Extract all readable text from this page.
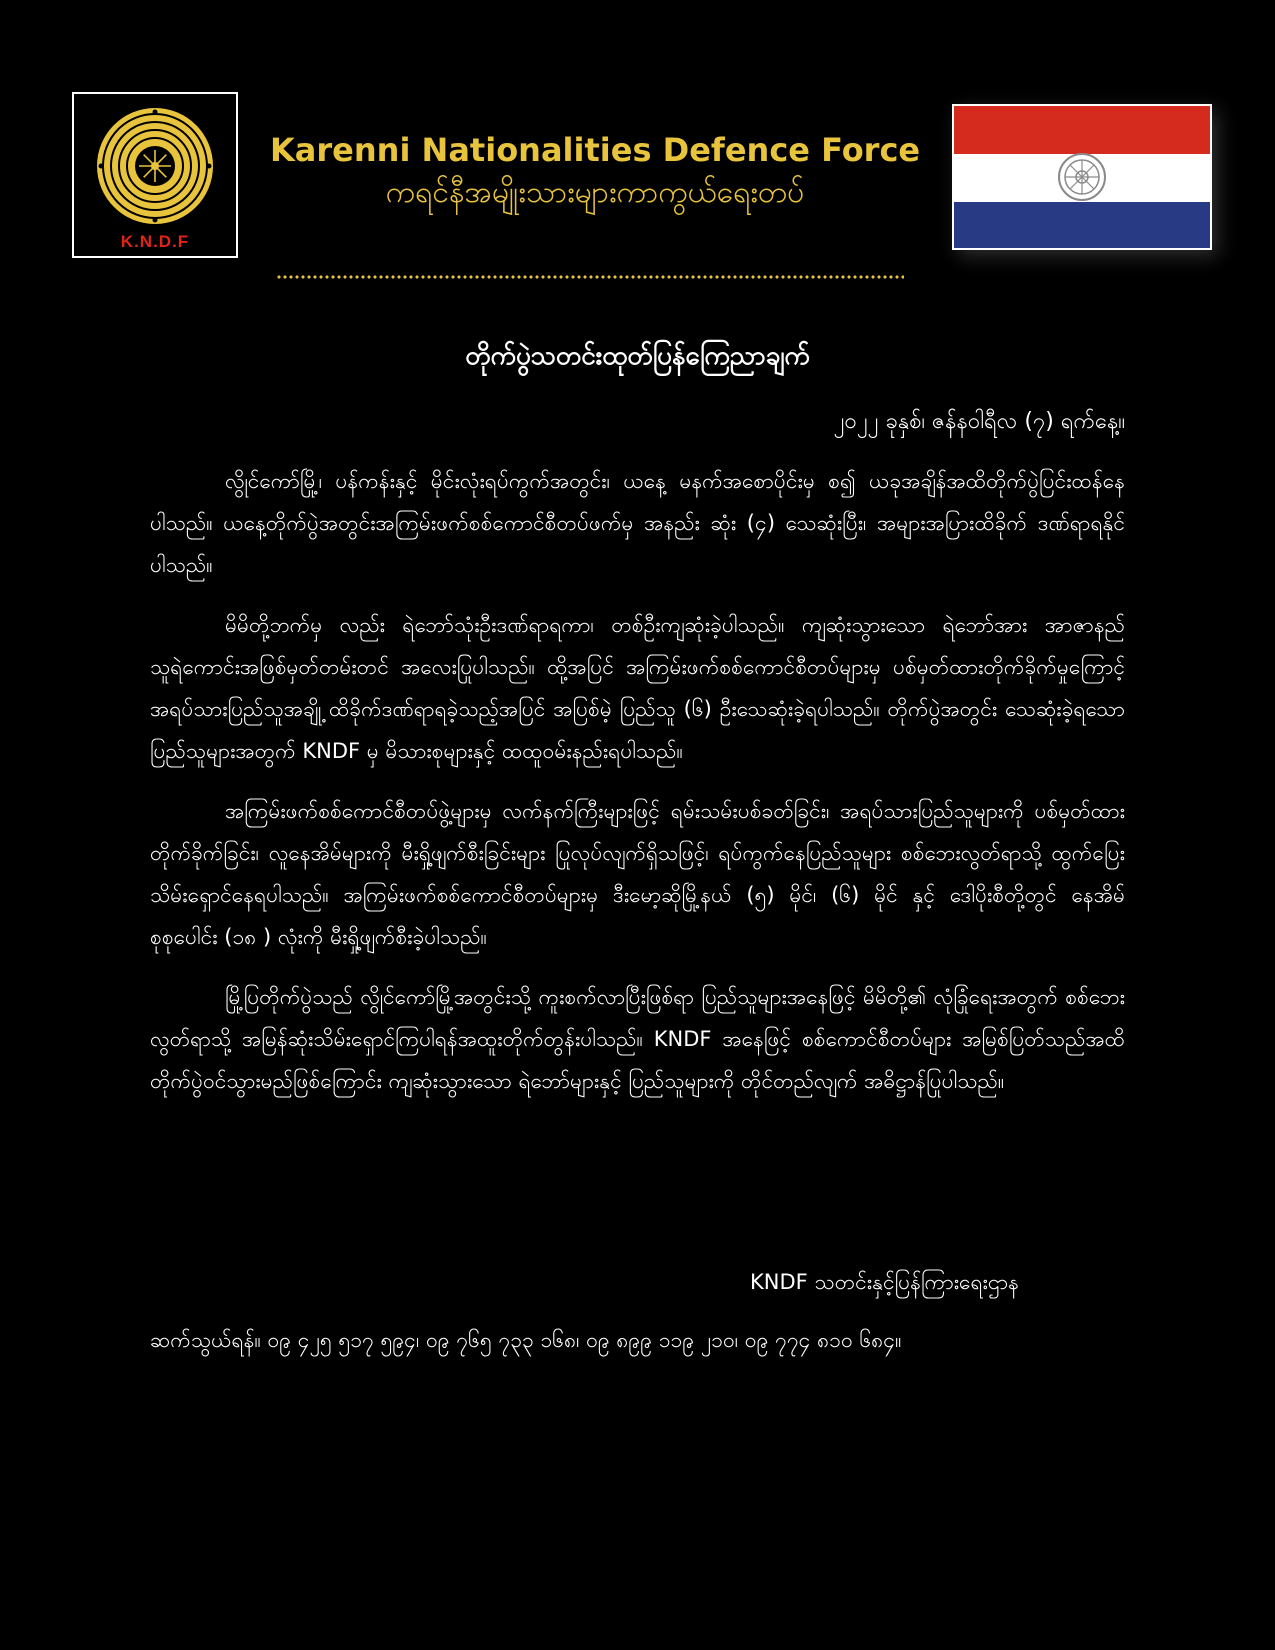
K.N.D.F
Karenni Nationalities Defence Force
ကရင်နီအမျိုးသားများကာကွယ်ရေးတပ်
တိုက်ပွဲသတင်းထုတ်ပြန်ကြေညာချက်
၂၀၂၂ ခုနှစ်၊ ဇန်နဝါရီလ (၇) ရက်နေ့။

လွိုင်ကော်မြို့၊ ပန်ကန်းနှင့် မိုင်းလုံးရပ်ကွက်အတွင်း၊ ယနေ့ မနက်အစောပိုင်းမှ စ၍ ယခုအချိန်အထိတိုက်ပွဲပြင်းထန်နေပါသည်။ ယနေ့တိုက်ပွဲအတွင်းအကြမ်းဖက်စစ်ကောင်စီတပ်ဖက်မှ အနည်း ဆုံး (၄) သေဆုံးပြီး၊ အများအပြားထိခိုက် ဒဏ်ရာရနိုင်ပါသည်။

မိမိတို့ဘက်မှ လည်း ရဲဘော်သုံးဦးဒဏ်ရာရကာ၊ တစ်ဦးကျဆုံးခဲ့ပါသည်။ ကျဆုံးသွားသော ရဲဘော်အား အာဇာနည် သူရဲကောင်းအဖြစ်မှတ်တမ်းတင် အလေးပြုပါသည်။ ထို့အပြင် အကြမ်းဖက်စစ်ကောင်စီတပ်များမှ ပစ်မှတ်ထားတိုက်ခိုက်မှုကြောင့် အရပ်သားပြည်သူအချို့ ထိခိုက်ဒဏ်ရာရခဲ့သည့်အပြင် အပြစ်မဲ့ ပြည်သူ (၆) ဦးသေဆုံးခဲ့ရပါသည်။ တိုက်ပွဲအတွင်း သေဆုံးခဲ့ရသော ပြည်သူများအတွက် KNDF မှ မိသားစုများနှင့် ထထူဝမ်းနည်းရပါသည်။

အကြမ်းဖက်စစ်ကောင်စီတပ်ဖွဲ့များမှ လက်နက်ကြီးများဖြင့် ရမ်းသမ်းပစ်ခတ်ခြင်း၊ အရပ်သားပြည်သူများကို ပစ်မှတ်ထားတိုက်ခိုက်ခြင်း၊ လူနေအိမ်များကို မီးရှို့ဖျက်စီးခြင်းများ ပြုလုပ်လျက်ရှိသဖြင့်၊ ရပ်ကွက်နေပြည်သူများ စစ်ဘေးလွတ်ရာသို့ ထွက်ပြေးသိမ်းရှောင်နေရပါသည်။ အကြမ်းဖက်စစ်ကောင်စီတပ်များမှ ဒီးမော့ဆိုမြို့နယ် (၅) မိုင်၊ (၆) မိုင် နှင့် ဒေါပိုးစီတို့တွင် နေအိမ် စုစုပေါင်း (၁၈ ) လုံးကို မီးရှို့ဖျက်စီးခဲ့ပါသည်။

မြို့ပြတိုက်ပွဲသည် လွိုင်ကော်မြို့အတွင်းသို့ ကူးစက်လာပြီးဖြစ်ရာ ပြည်သူများအနေဖြင့် မိမိတို့၏ လုံခြုံရေးအတွက် စစ်ဘေးလွတ်ရာသို့ အမြန်ဆုံးသိမ်းရှောင်ကြပါရန်အထူးတိုက်တွန်းပါသည်။ KNDF အနေဖြင့် စစ်ကောင်စီတပ်များ အမြစ်ပြတ်သည်အထိ တိုက်ပွဲဝင်သွားမည်ဖြစ်ကြောင်း ကျဆုံးသွားသော ရဲဘော်များနှင့် ပြည်သူများကို တိုင်တည်လျက် အဓိဋ္ဌာန်ပြုပါသည်။

KNDF သတင်းနှင့်ပြန်ကြားရေးဌာန
ဆက်သွယ်ရန်။ ၀၉ ၄၂၅ ၅၁၇ ၅၉၄၊ ၀၉ ၇၆၅ ၇၃၃ ၁၆၈၊ ၀၉ ၈၉၉ ၁၁၉ ၂၁၀၊ ၀၉ ၇၇၄ ၈၁၀ ၆၈၄။
